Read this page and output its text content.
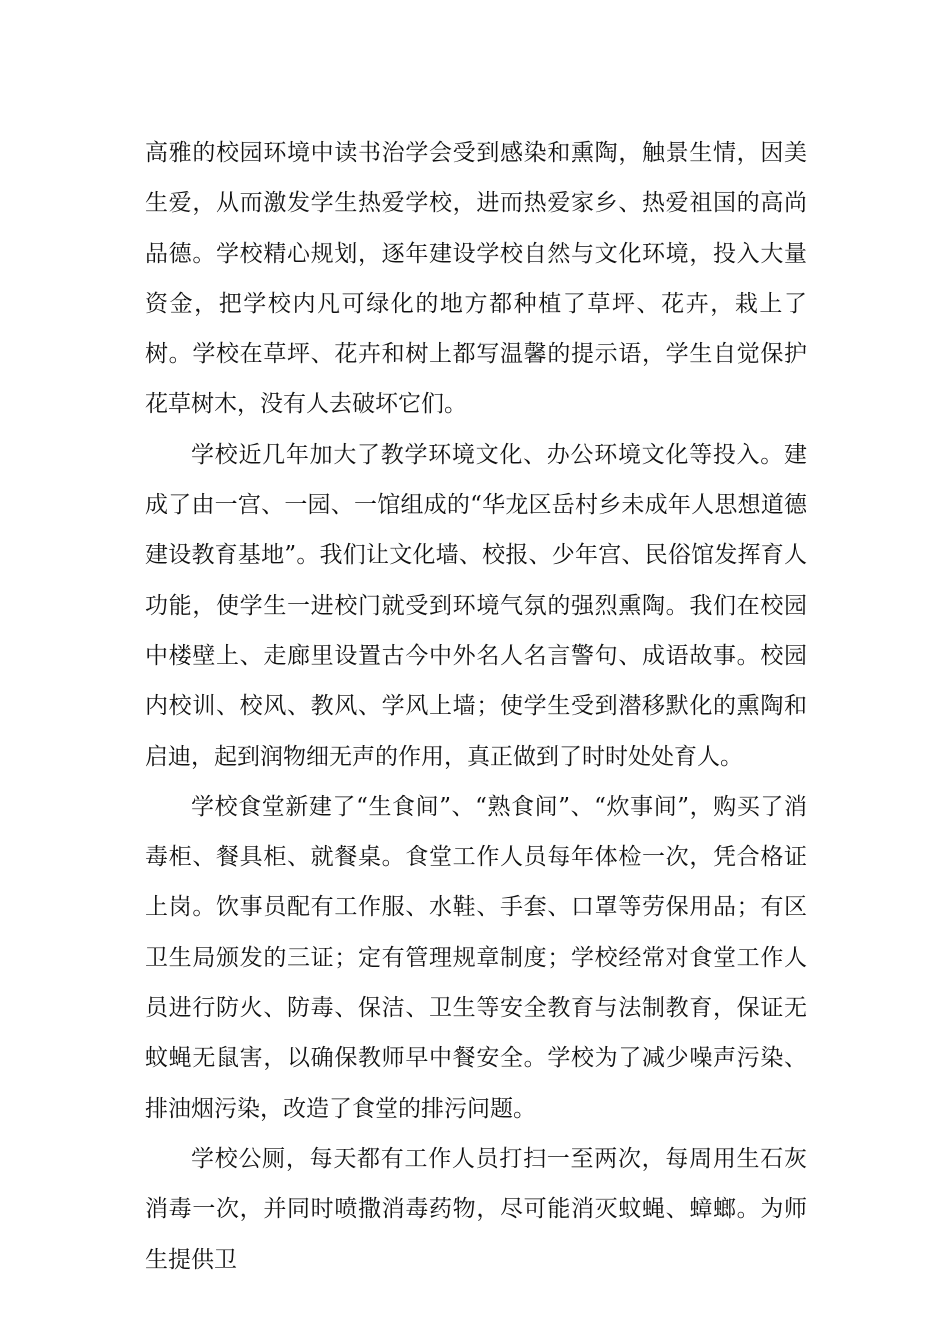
高雅的校园环境中读书治学会受到感染和熏陶，触景生情，因美生爱，从而激发学生热爱学校，进而热爱家乡、热爱祖国的高尚品德。学校精心规划，逐年建设学校自然与文化环境，投入大量资金，把学校内凡可绿化的地方都种植了草坪、花卉，栽上了树。学校在草坪、花卉和树上都写温馨的提示语，学生自觉保护花草树木，没有人去破坏它们。

学校近几年加大了教学环境文化、办公环境文化等投入。建成了由一宫、一园、一馆组成的“华龙区岳村乡未成年人思想道德建设教育基地”。我们让文化墙、校报、少年宫、民俗馆发挥育人功能，使学生一进校门就受到环境气氛的强烈熏陶。我们在校园中楼壁上、走廊里设置古今中外名人名言警句、成语故事。校园内校训、校风、教风、学风上墙；使学生受到潜移默化的熏陶和启迪，起到润物细无声的作用，真正做到了时时处处育人。

学校食堂新建了“生食间”、“熟食间”、“炊事间”，购买了消毒柜、餐具柜、就餐桌。食堂工作人员每年体检一次，凭合格证上岗。饮事员配有工作服、水鞋、手套、口罩等劳保用品；有区卫生局颁发的三证；定有管理规章制度；学校经常对食堂工作人员进行防火、防毒、保洁、卫生等安全教育与法制教育，保证无蚊蝇无鼠害，以确保教师早中餐安全。学校为了减少噪声污染、排油烟污染，改造了食堂的排污问题。

学校公厕，每天都有工作人员打扫一至两次，每周用生石灰消毒一次，并同时喷撒消毒药物，尽可能消灭蚊蝇、蟑螂。为师生提供卫
